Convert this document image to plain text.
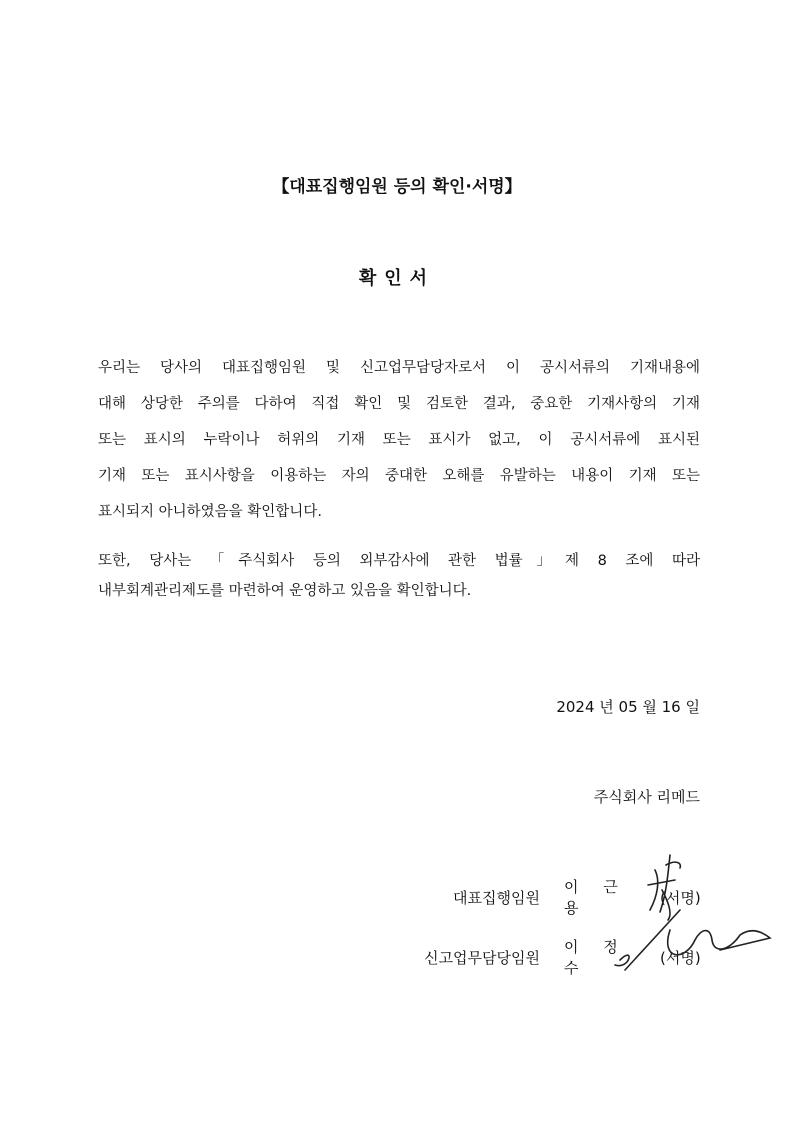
【대표집행임원 등의 확인·서명】
확인서
우리는 당사의 대표집행임원 및 신고업무담당자로서 이 공시서류의 기재내용에
대해 상당한 주의를 다하여 직접 확인 및 검토한 결과, 중요한 기재사항의 기재
또는 표시의 누락이나 허위의 기재 또는 표시가 없고, 이 공시서류에 표시된
기재 또는 표시사항을 이용하는 자의 중대한 오해를 유발하는 내용이 기재 또는
표시되지 아니하였음을 확인합니다.
또한, 당사는 「주식회사 등의 외부감사에 관한 법률」제 8 조에 따라
내부회계관리제도를 마련하여 운영하고 있음을 확인합니다.
2024 년 05 월 16 일
주식회사 리메드
대표집행임원
이 근 용
(서명)
신고업무담당임원
이 정 수
(서명)
